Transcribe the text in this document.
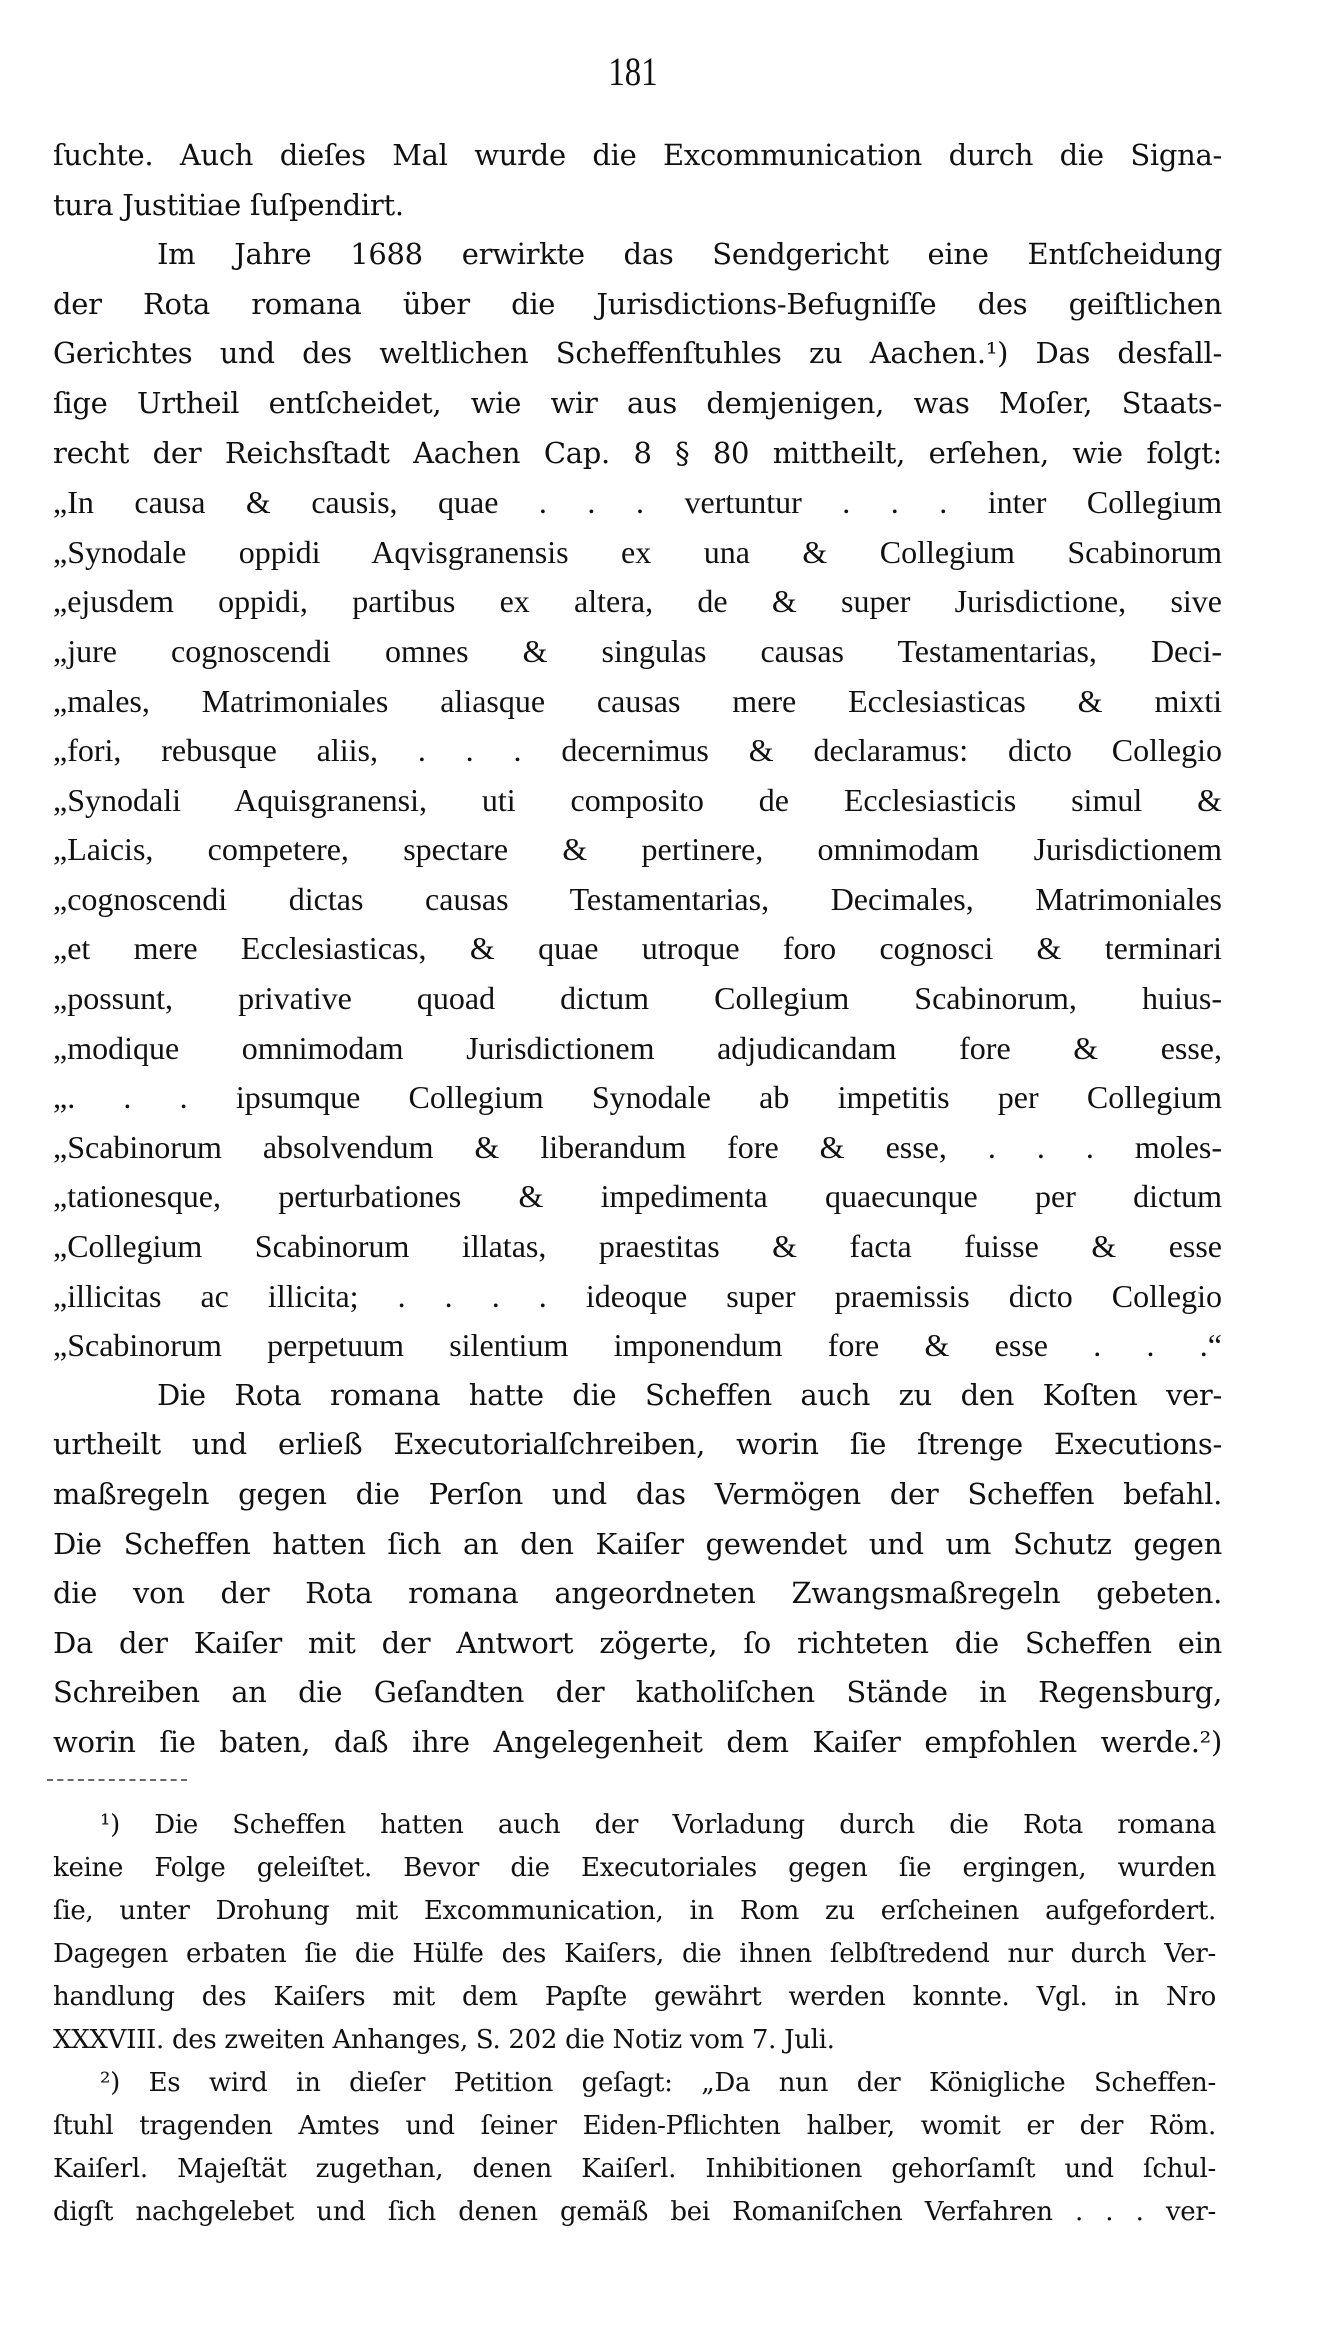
181
ſuchte. Auch dieſes Mal wurde die Excommunication durch die Signa-
tura Justitiae ſuſpendirt.
Im Jahre 1688 erwirkte das Sendgericht eine Entſcheidung
der Rota romana über die Jurisdictions-Befugniſſe des geiſtlichen
Gerichtes und des weltlichen Scheffenſtuhles zu Aachen.¹) Das desfall-
ſige Urtheil entſcheidet, wie wir aus demjenigen, was Moſer, Staats-
recht der Reichsſtadt Aachen Cap. 8 § 80 mittheilt, erſehen, wie folgt:
„In causa & causis, quae . . . vertuntur . . . inter Collegium
„Synodale oppidi Aqvisgranensis ex una & Collegium Scabinorum
„ejusdem oppidi, partibus ex altera, de & super Jurisdictione, sive
„jure cognoscendi omnes & singulas causas Testamentarias, Deci-
„males, Matrimoniales aliasque causas mere Ecclesiasticas & mixti
„fori, rebusque aliis, . . . decernimus & declaramus: dicto Collegio
„Synodali Aquisgranensi, uti composito de Ecclesiasticis simul &
„Laicis, competere, spectare & pertinere, omnimodam Jurisdictionem
„cognoscendi dictas causas Testamentarias, Decimales, Matrimoniales
„et mere Ecclesiasticas, & quae utroque foro cognosci & terminari
„possunt, privative quoad dictum Collegium Scabinorum, huius-
„modique omnimodam Jurisdictionem adjudicandam fore & esse,
„. . . ipsumque Collegium Synodale ab impetitis per Collegium
„Scabinorum absolvendum & liberandum fore & esse, . . . moles-
„tationesque, perturbationes & impedimenta quaecunque per dictum
„Collegium Scabinorum illatas, praestitas & facta fuisse & esse
„illicitas ac illicita; . . . . ideoque super praemissis dicto Collegio
„Scabinorum perpetuum silentium imponendum fore & esse . . .“
Die Rota romana hatte die Scheffen auch zu den Koſten ver-
urtheilt und erließ Executorialſchreiben, worin ſie ſtrenge Executions-
maßregeln gegen die Perſon und das Vermögen der Scheffen befahl.
Die Scheffen hatten ſich an den Kaiſer gewendet und um Schutz gegen
die von der Rota romana angeordneten Zwangsmaßregeln gebeten.
Da der Kaiſer mit der Antwort zögerte, ſo richteten die Scheffen ein
Schreiben an die Geſandten der katholiſchen Stände in Regensburg,
worin ſie baten, daß ihre Angelegenheit dem Kaiſer empfohlen werde.²)
¹) Die Scheffen hatten auch der Vorladung durch die Rota romana
keine Folge geleiſtet. Bevor die Executoriales gegen ſie ergingen, wurden
ſie, unter Drohung mit Excommunication, in Rom zu erſcheinen aufgefordert.
Dagegen erbaten ſie die Hülfe des Kaiſers, die ihnen ſelbſtredend nur durch Ver-
handlung des Kaiſers mit dem Papſte gewährt werden konnte. Vgl. in Nro
XXXVIII. des zweiten Anhanges, S. 202 die Notiz vom 7. Juli.
²) Es wird in dieſer Petition geſagt: „Da nun der Königliche Scheffen-
ſtuhl tragenden Amtes und ſeiner Eiden-Pflichten halber, womit er der Röm.
Kaiſerl. Majeſtät zugethan, denen Kaiſerl. Inhibitionen gehorſamſt und ſchul-
digſt nachgelebet und ſich denen gemäß bei Romaniſchen Verfahren . . . ver-
